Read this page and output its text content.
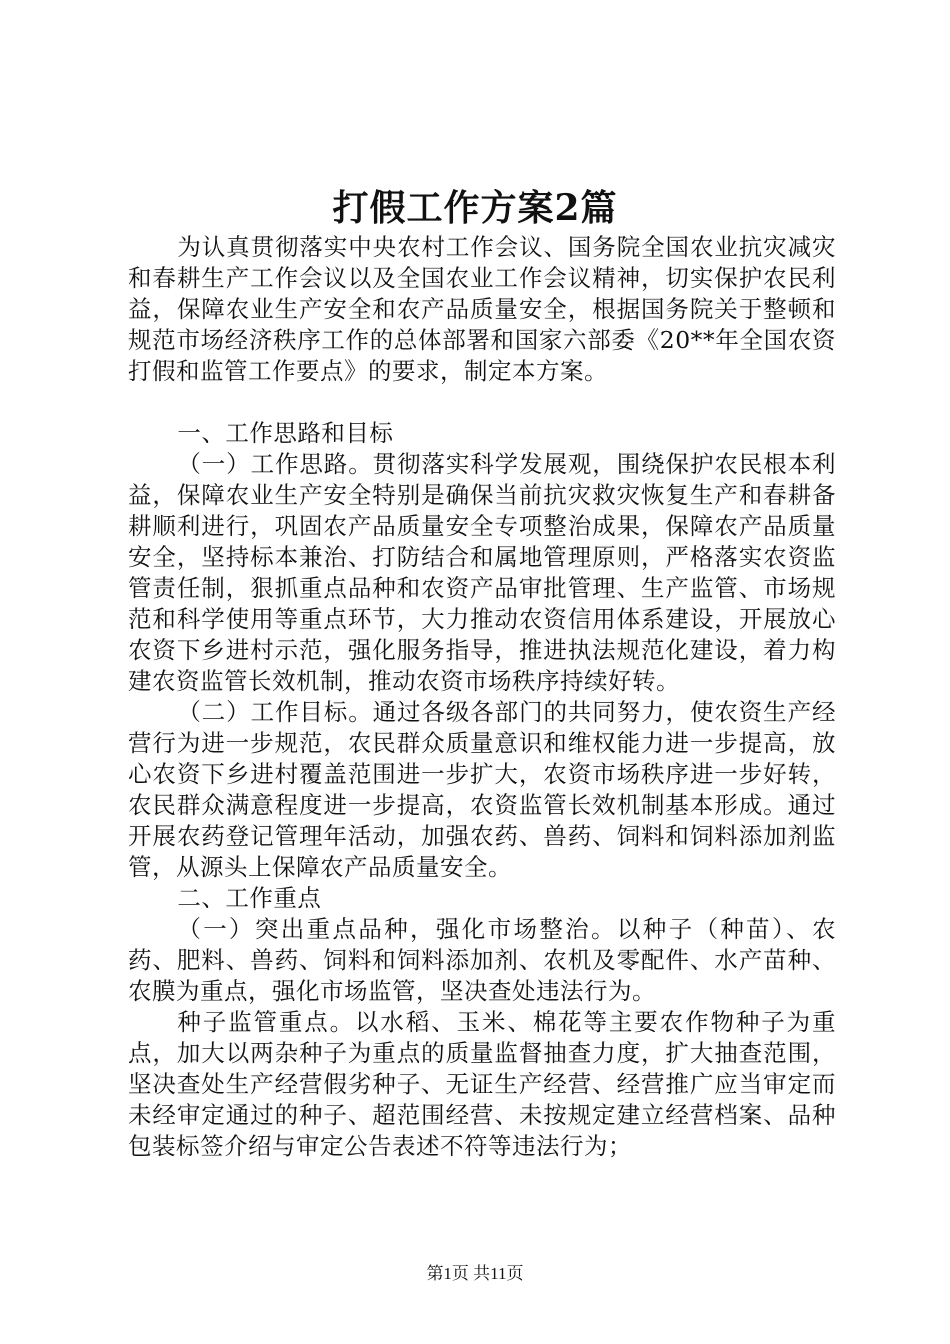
打假工作方案2篇

为认真贯彻落实中央农村工作会议、国务院全国农业抗灾减灾和春耕生产工作会议以及全国农业工作会议精神，切实保护农民利益，保障农业生产安全和农产品质量安全，根据国务院关于整顿和规范市场经济秩序工作的总体部署和国家六部委《20**年全国农资打假和监管工作要点》的要求，制定本方案。

一、工作思路和目标

（一）工作思路。贯彻落实科学发展观，围绕保护农民根本利益，保障农业生产安全特别是确保当前抗灾救灾恢复生产和春耕备耕顺利进行，巩固农产品质量安全专项整治成果，保障农产品质量安全，坚持标本兼治、打防结合和属地管理原则，严格落实农资监管责任制，狠抓重点品种和农资产品审批管理、生产监管、市场规范和科学使用等重点环节，大力推动农资信用体系建设，开展放心农资下乡进村示范，强化服务指导，推进执法规范化建设，着力构建农资监管长效机制，推动农资市场秩序持续好转。

（二）工作目标。通过各级各部门的共同努力，使农资生产经营行为进一步规范，农民群众质量意识和维权能力进一步提高，放心农资下乡进村覆盖范围进一步扩大，农资市场秩序进一步好转，农民群众满意程度进一步提高，农资监管长效机制基本形成。通过开展农药登记管理年活动，加强农药、兽药、饲料和饲料添加剂监管，从源头上保障农产品质量安全。

二、工作重点

（一）突出重点品种，强化市场整治。以种子（种苗）、农药、肥料、兽药、饲料和饲料添加剂、农机及零配件、水产苗种、农膜为重点，强化市场监管，坚决查处违法行为。

种子监管重点。以水稻、玉米、棉花等主要农作物种子为重点，加大以两杂种子为重点的质量监督抽查力度，扩大抽查范围，坚决查处生产经营假劣种子、无证生产经营、经营推广应当审定而未经审定通过的种子、超范围经营、未按规定建立经营档案、品种包装标签介绍与审定公告表述不符等违法行为；

第1页 共11页
